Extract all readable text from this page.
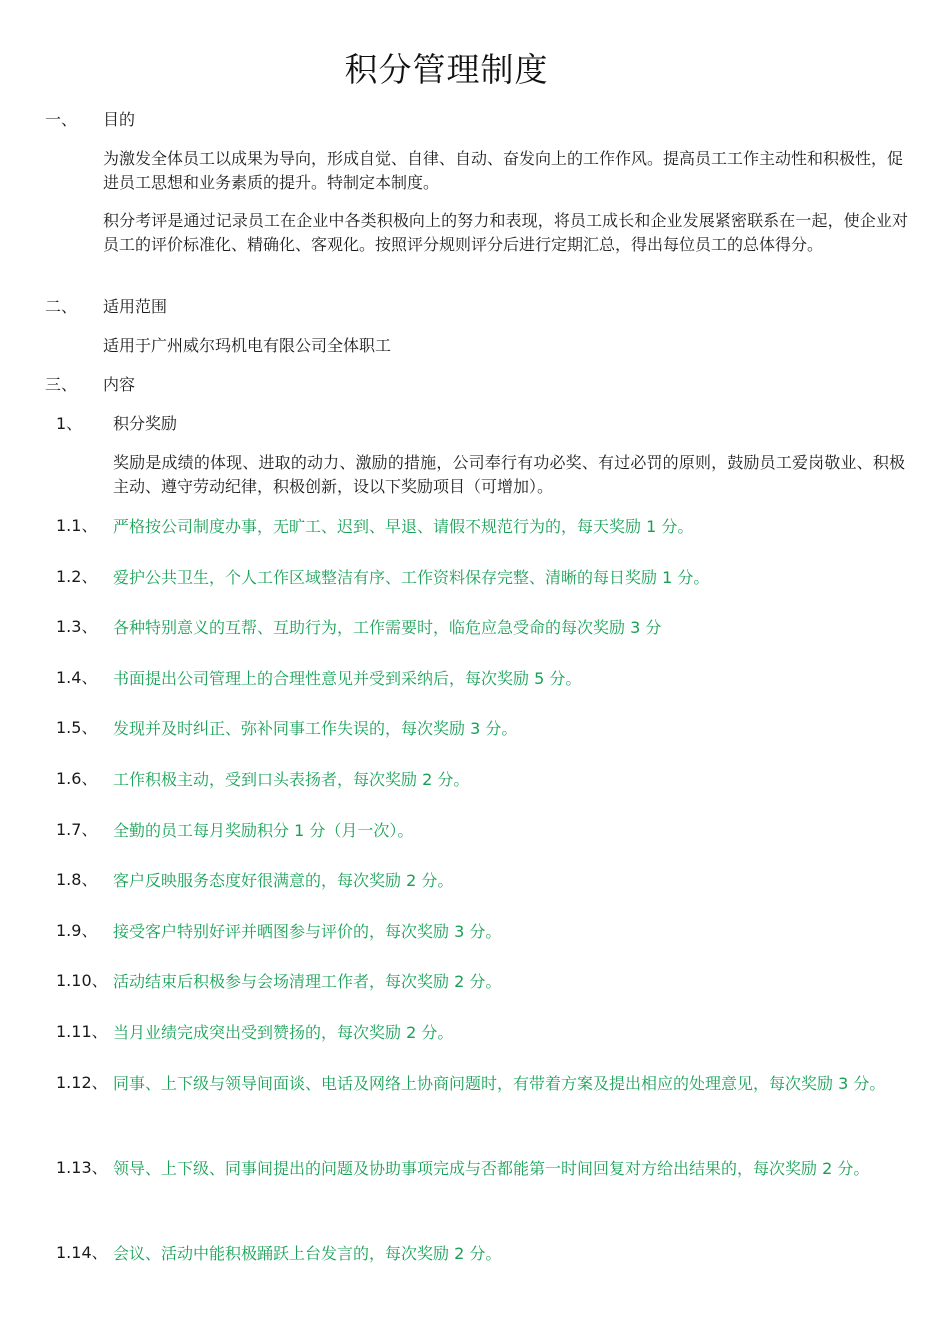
积分管理制度
一、 目的
为激发全体员工以成果为导向，形成自觉、自律、自动、奋发向上的工作作风。提高员工工作主动性和积极性，促进员工思想和业务素质的提升。特制定本制度。
积分考评是通过记录员工在企业中各类积极向上的努力和表现，将员工成长和企业发展紧密联系在一起，使企业对员工的评价标准化、精确化、客观化。按照评分规则评分后进行定期汇总，得出每位员工的总体得分。
二、 适用范围
适用于广州威尔玛机电有限公司全体职工
三、 内容
1、 积分奖励
奖励是成绩的体现、进取的动力、激励的措施，公司奉行有功必奖、有过必罚的原则，鼓励员工爱岗敬业、积极主动、遵守劳动纪律，积极创新，设以下奖励项目（可增加）。
1.1、 严格按公司制度办事，无旷工、迟到、早退、请假不规范行为的，每天奖励 1 分。
1.2、 爱护公共卫生，个人工作区域整洁有序、工作资料保存完整、清晰的每日奖励 1 分。
1.3、 各种特别意义的互帮、互助行为，工作需要时，临危应急受命的每次奖励 3 分
1.4、 书面提出公司管理上的合理性意见并受到采纳后，每次奖励 5 分。
1.5、 发现并及时纠正、弥补同事工作失误的，每次奖励 3 分。
1.6、 工作积极主动，受到口头表扬者，每次奖励 2 分。
1.7、 全勤的员工每月奖励积分 1 分（月一次）。
1.8、 客户反映服务态度好很满意的，每次奖励 2 分。
1.9、 接受客户特别好评并晒图参与评价的，每次奖励 3 分。
1.10、 活动结束后积极参与会场清理工作者，每次奖励 2 分。
1.11、 当月业绩完成突出受到赞扬的，每次奖励 2 分。
1.12、 同事、上下级与领导间面谈、电话及网络上协商问题时，有带着方案及提出相应的处理意见，每次奖励 3 分。
1.13、 领导、上下级、同事间提出的问题及协助事项完成与否都能第一时间回复对方给出结果的，每次奖励 2 分。
1.14、 会议、活动中能积极踊跃上台发言的，每次奖励 2 分。
